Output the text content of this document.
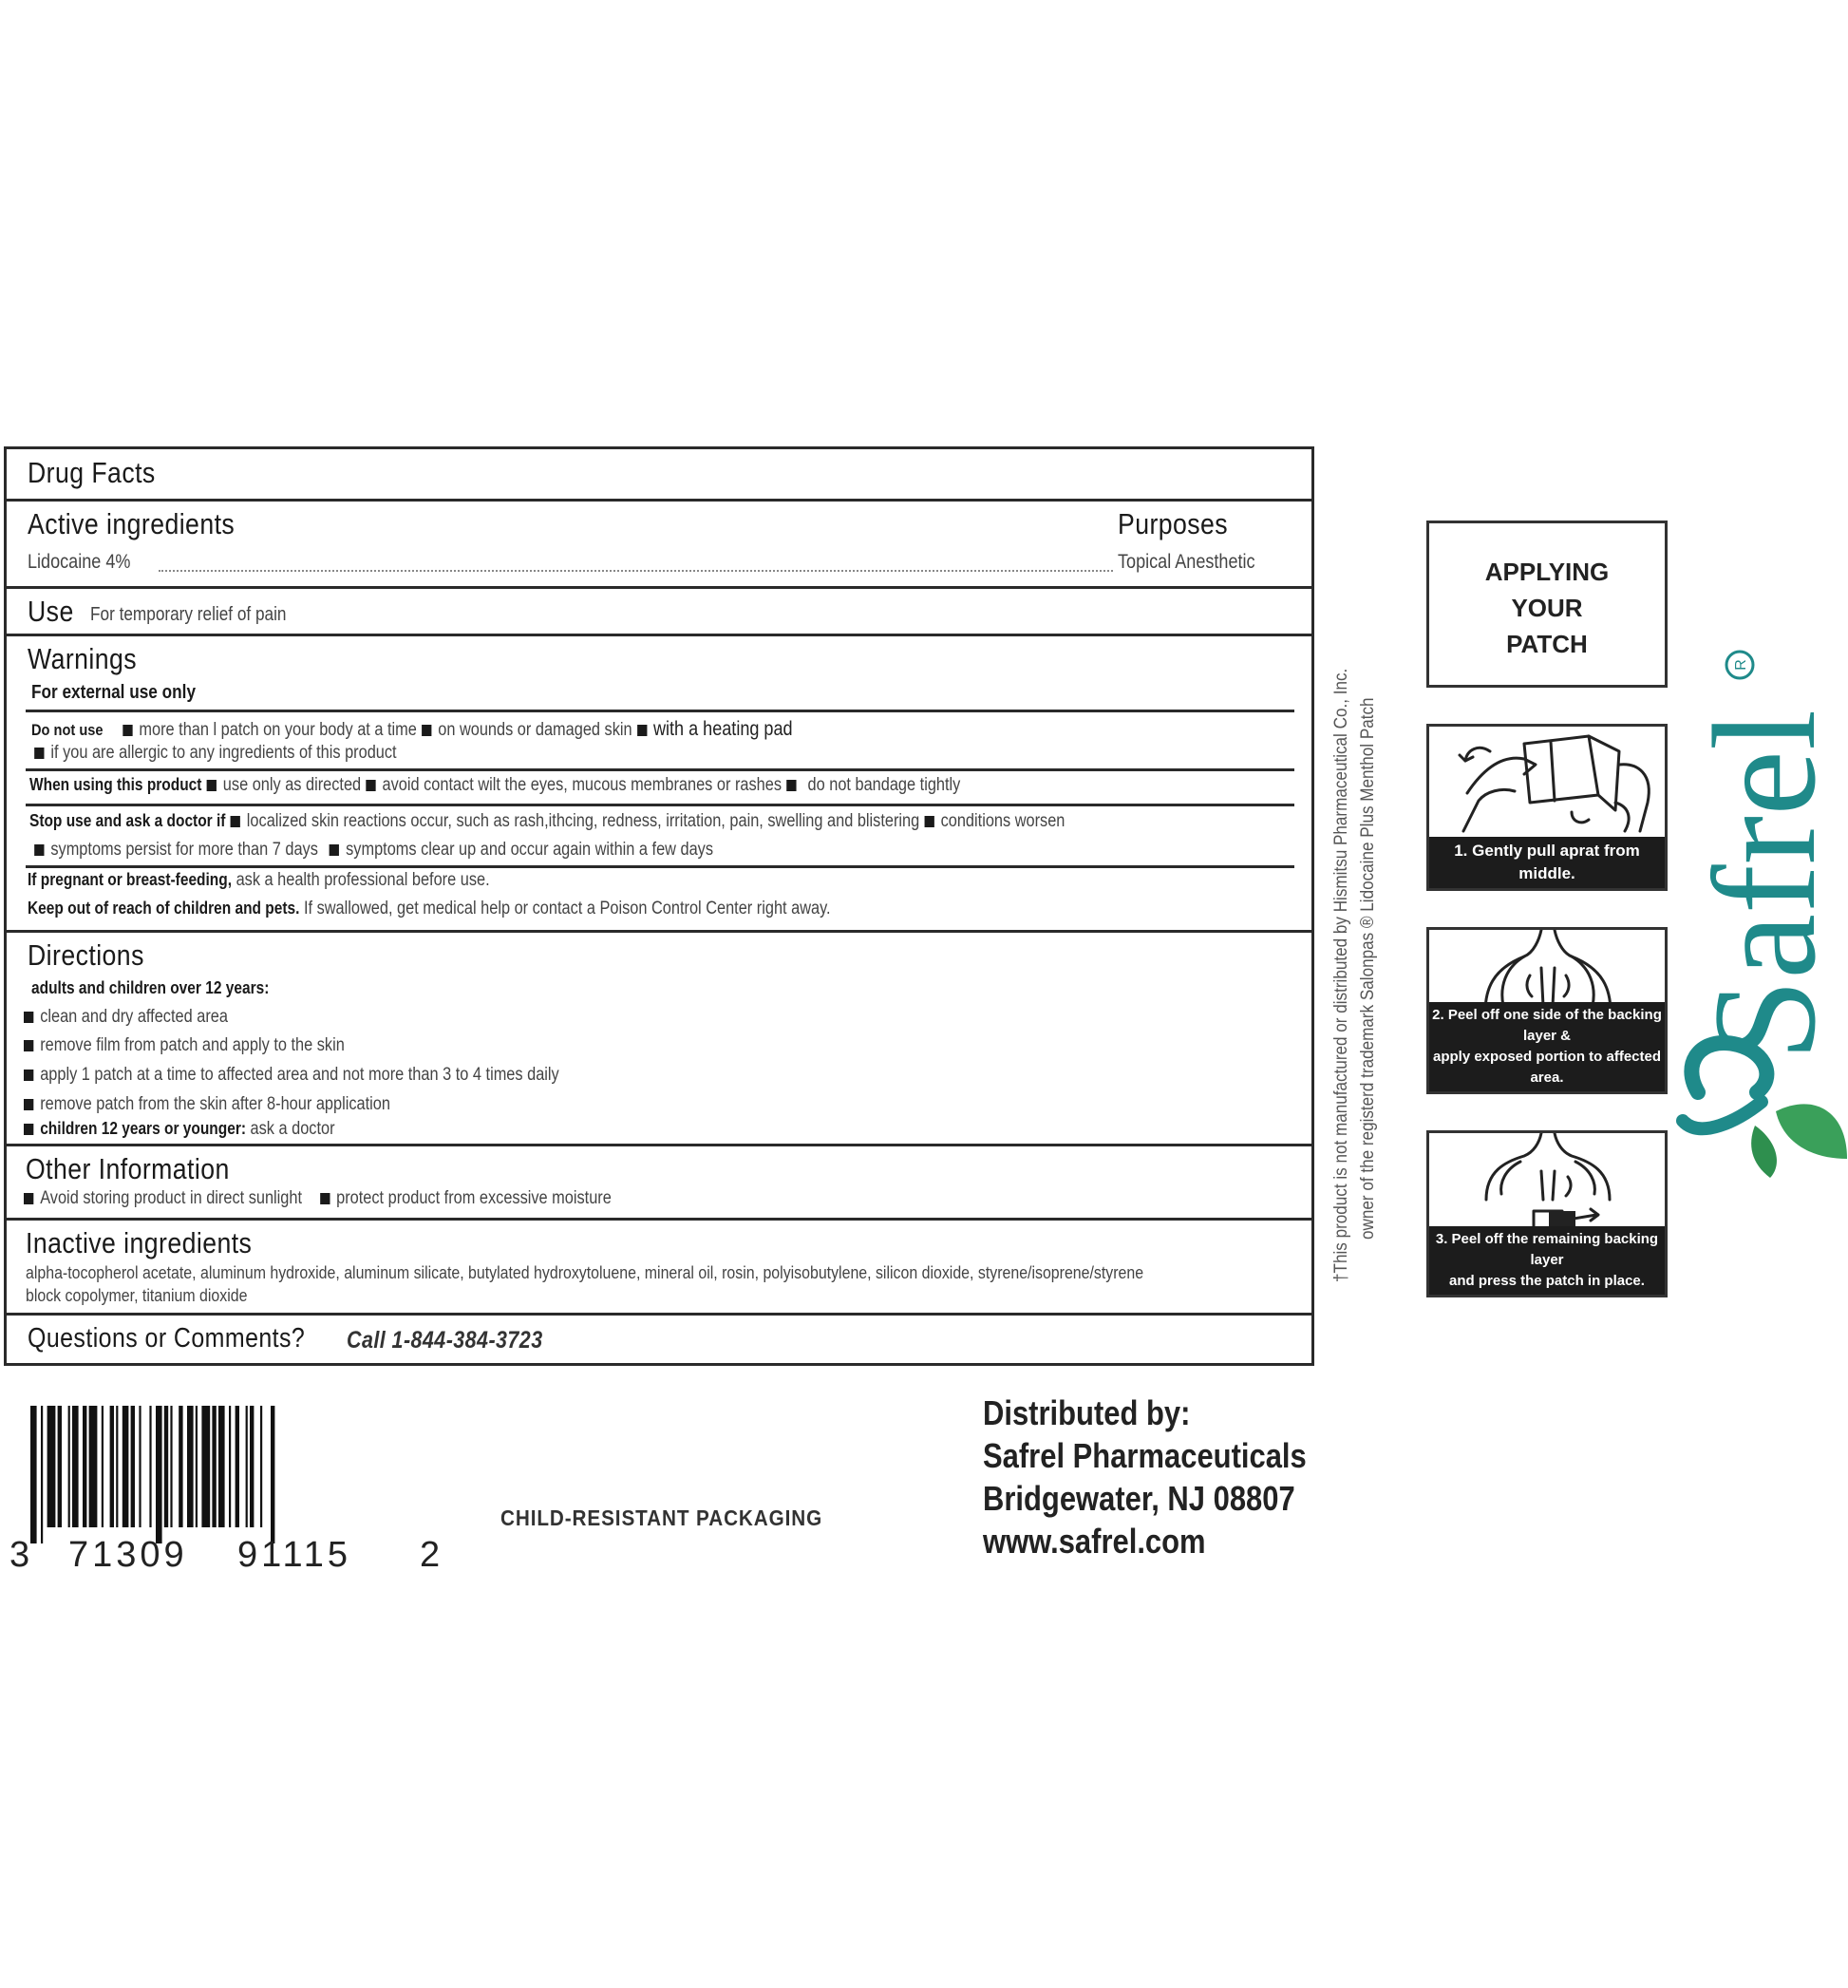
Drug Facts
Active ingredients	Purposes
Lidocaine 4%	Topical Anesthetic
Use For temporary relief of pain
Warnings
For external use only
Do not use more than l patch on your body at a time on wounds or damaged skin with a heating pad
if you are allergic to any ingredients of this product
When using this product use only as directed avoid contact wilt the eyes, mucous membranes or rashes do not bandage tightly
Stop use and ask a doctor if localized skin reactions occur, such as rash,ithcing, redness, irritation, pain, swelling and blistering conditions worsen
symptoms persist for more than 7 days symptoms clear up and occur again within a few days
If pregnant or breast-feeding, ask a health professional before use.
Keep out of reach of children and pets. If swallowed, get medical help or contact a Poison Control Center right away.
Directions
adults and children over 12 years:
clean and dry affected area
remove film from patch and apply to the skin
apply 1 patch at a time to affected area and not more than 3 to 4 times daily
remove patch from the skin after 8-hour application
children 12 years or younger: ask a doctor
Other Information
Avoid storing product in direct sunlight protect product from excessive moisture
Inactive ingredients
alpha-tocopherol acetate, aluminum hydroxide, aluminum silicate, butylated hydroxytoluene, mineral oil, rosin, polyisobutylene, silicon dioxide, styrene/isoprene/styrene
block copolymer, titanium dioxide
Questions or Comments? Call 1-844-384-3723
†This product is not manufactured or distributed by Hismitsu Pharmaceutical Co., Inc. owner of the registerd trademark Salonpas ® Lidocaine Plus Menthol Patch
APPLYING
YOUR
PATCH
1. Gently pull aprat from middle.
2. Peel off one side of the backing layer &
apply exposed portion to affected area.
3. Peel off the remaining backing layer
and press the patch in place.
Safrel
R
3 71309 91115 2
CHILD-RESISTANT PACKAGING
Distributed by:
Safrel Pharmaceuticals
Bridgewater, NJ 08807
www.safrel.com
